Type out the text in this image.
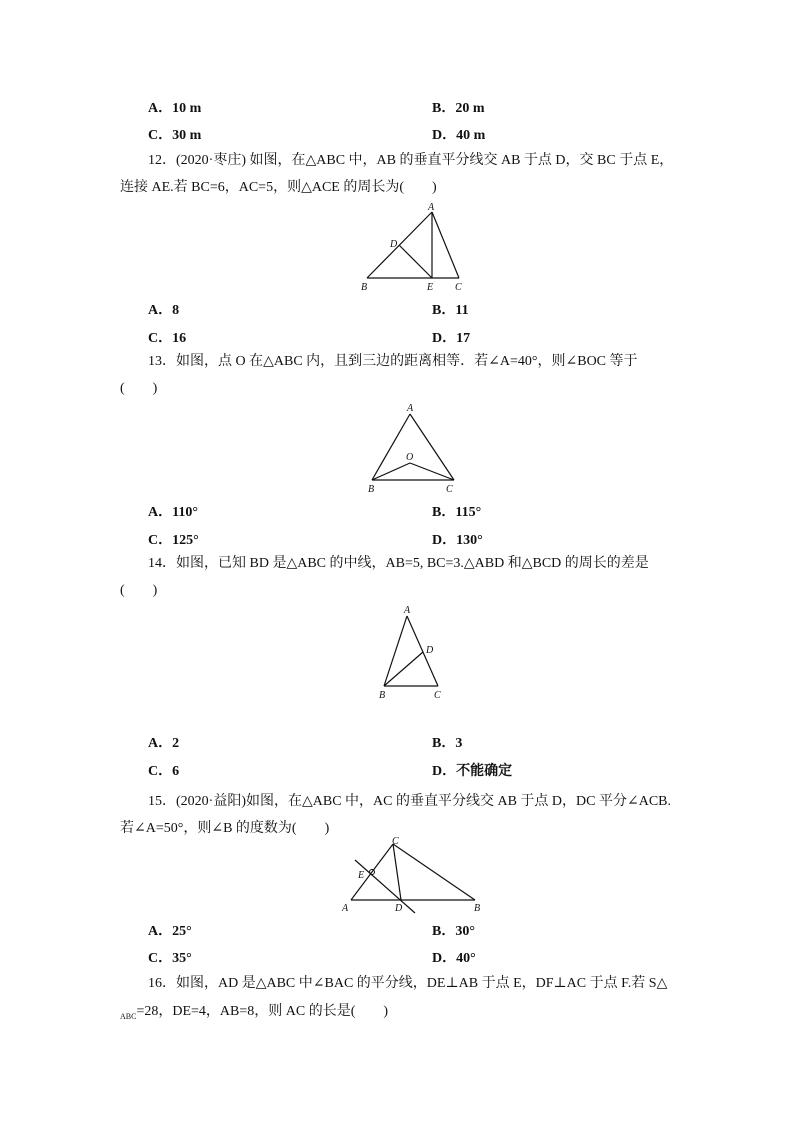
A．10 m	B．20 m
C．30 m	D．40 m
12．(2020·枣庄) 如图，在△ABC 中，AB 的垂直平分线交 AB 于点 D，交 BC 于点 E，
连接 AE.若 BC=6，AC=5，则△ACE 的周长为(　　)
A
D
B	E C
A．8	B．11
C．16	D．17
13．如图，点 O 在△ABC 内，且到三边的距离相等．若∠A=40°，则∠BOC 等于
(　　)
A
O
B	C
A．110°	B．115°
C．125°	D．130°
14．如图，已知 BD 是△ABC 的中线，AB=5, BC=3.△ABD 和△BCD 的周长的差是
(　　)
A
D
B	C
A．2	B．3
C．6	D．不能确定
15．(2020·益阳)如图，在△ABC 中，AC 的垂直平分线交 AB 于点 D，DC 平分∠ACB.
若∠A=50°，则∠B 的度数为(　　)
C
E
A	D	B
A．25°	B．30°
C．35°	D．40°
16．如图，AD 是△ABC 中∠BAC 的平分线，DE⊥AB 于点 E，DF⊥AC 于点 F.若 S△
$_{ABC}$=28，DE=4，AB=8，则 AC 的长是(　　)
